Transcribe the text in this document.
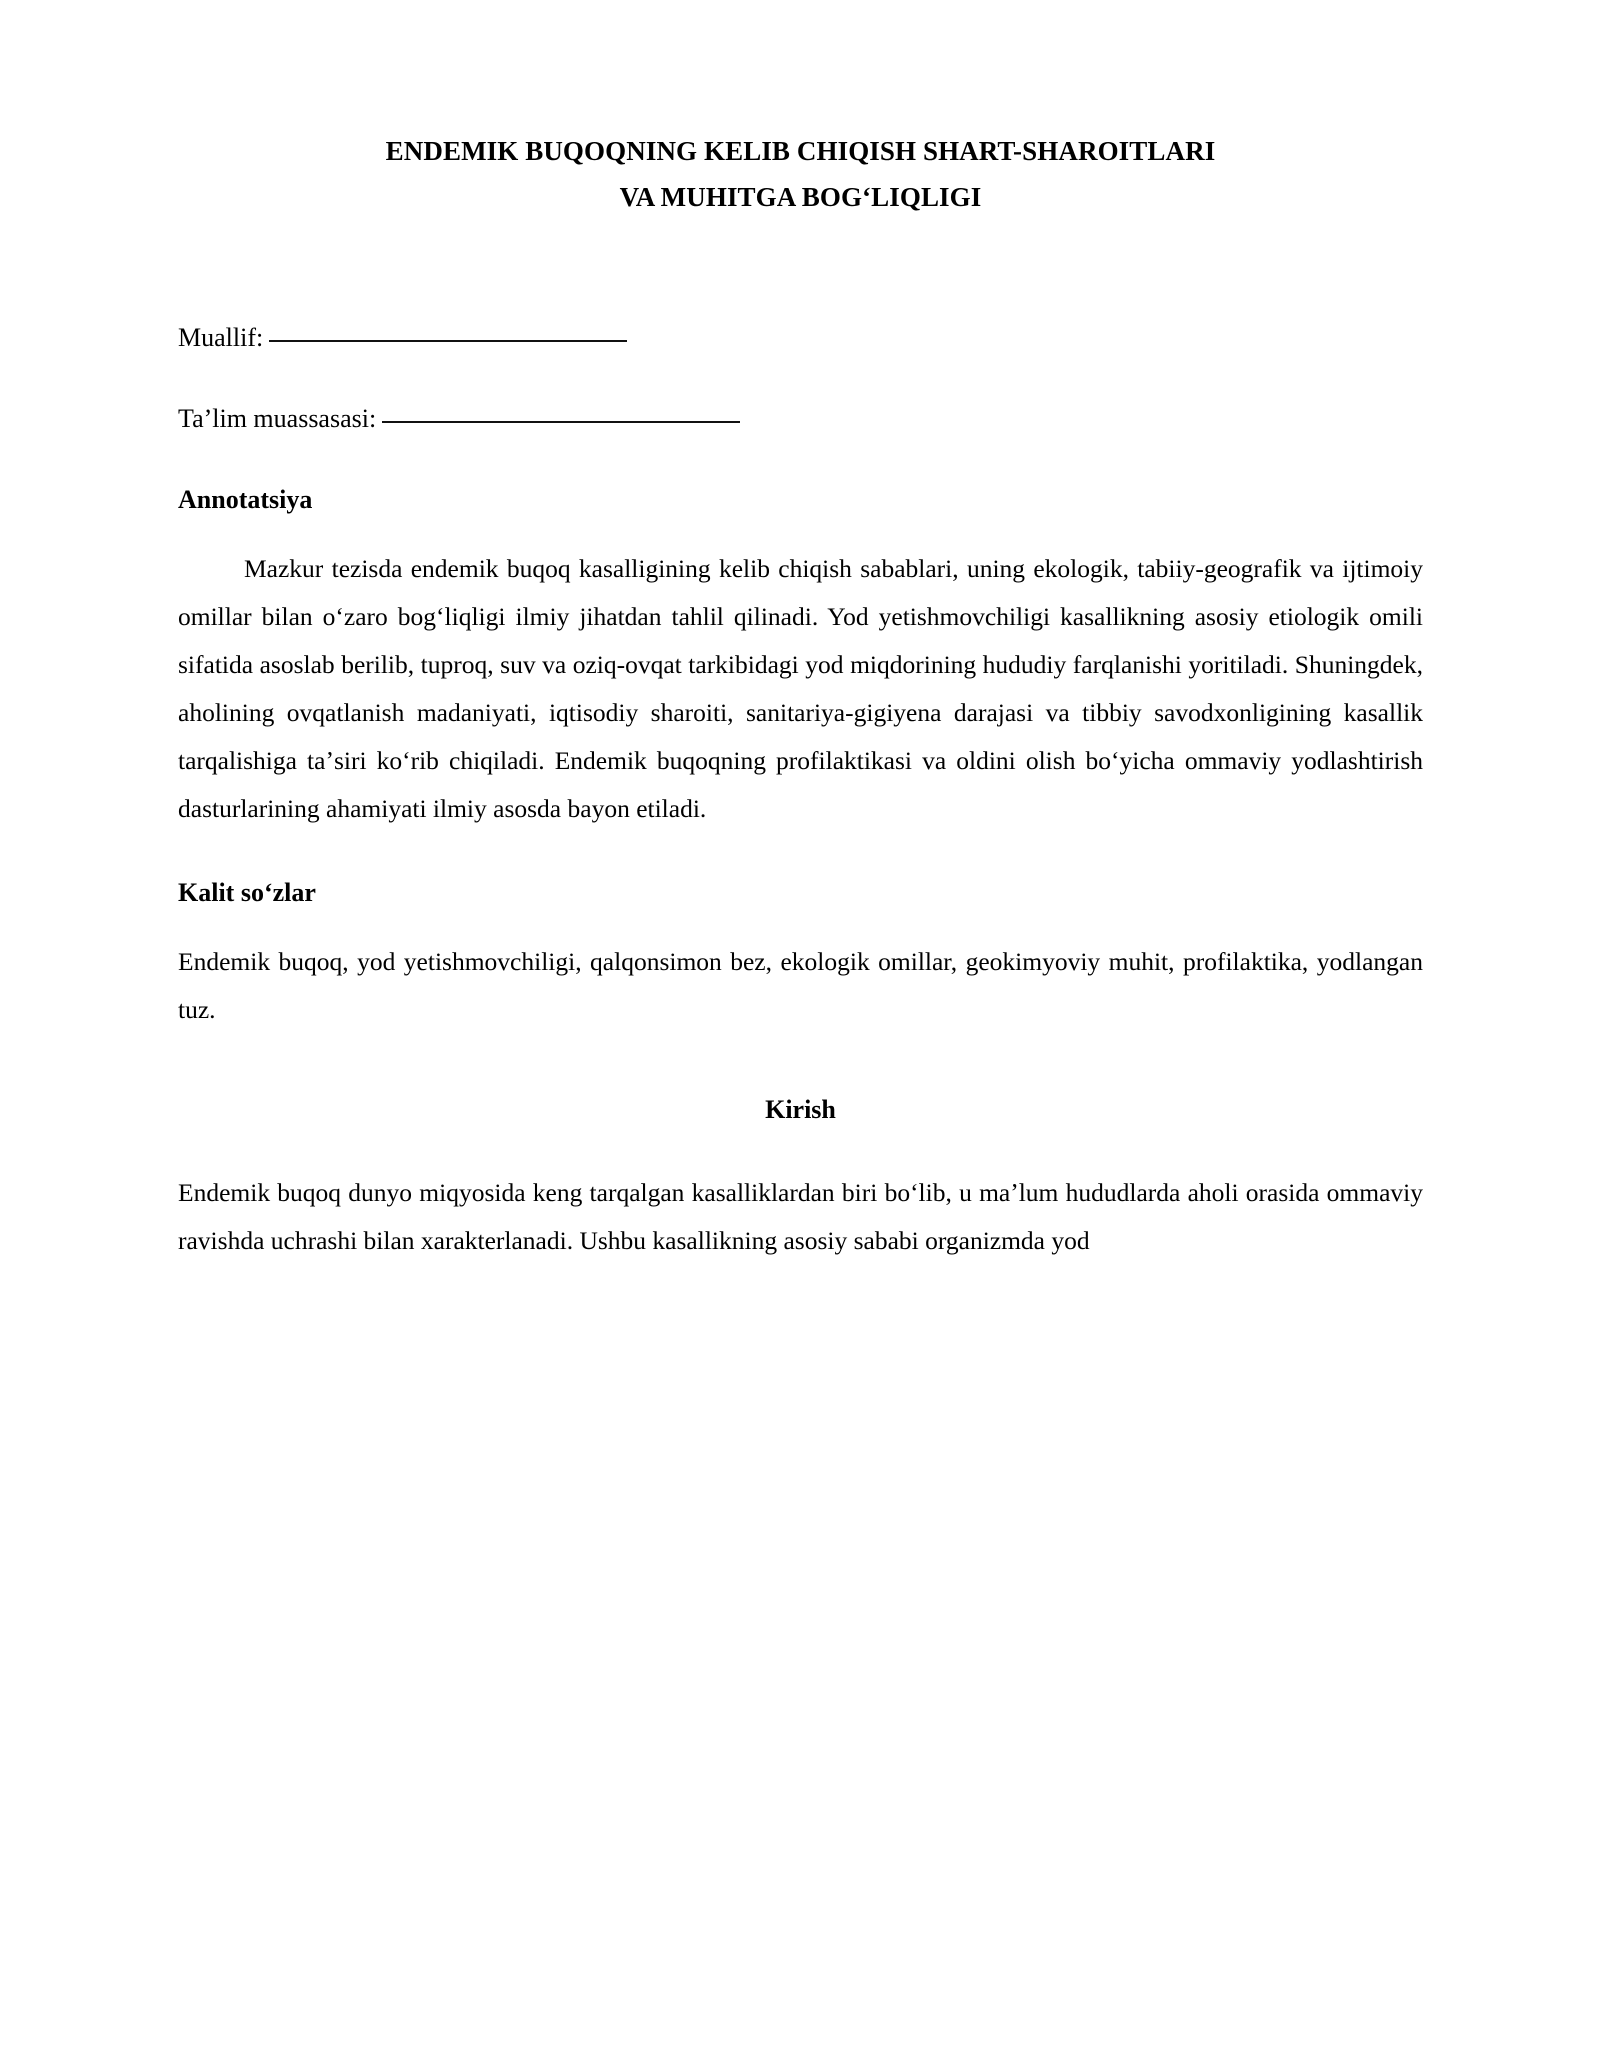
ENDEMIK BUQOQNING KELIB CHIQISH SHART-SHAROITLARI
VA MUHITGA BOGʻLIQLIGI
Muallif:
Taʼlim muassasasi:
Annotatsiya

Mazkur tezisda endemik buqoq kasalligining kelib chiqish sabablari, uning ekologik, tabiiy-geografik va ijtimoiy omillar bilan oʻzaro bogʻliqligi ilmiy jihatdan tahlil qilinadi. Yod yetishmovchiligi kasallikning asosiy etiologik omili sifatida asoslab berilib, tuproq, suv va oziq-ovqat tarkibidagi yod miqdorining hududiy farqlanishi yoritiladi. Shuningdek, aholining ovqatlanish madaniyati, iqtisodiy sharoiti, sanitariya-gigiyena darajasi va tibbiy savodxonligining kasallik tarqalishiga taʼsiri koʻrib chiqiladi. Endemik buqoqning profilaktikasi va oldini olish boʻyicha ommaviy yodlashtirish dasturlarining ahamiyati ilmiy asosda bayon etiladi.

Kalit soʻzlar

Endemik buqoq, yod yetishmovchiligi, qalqonsimon bez, ekologik omillar, geokimyoviy muhit, profilaktika, yodlangan tuz.

Kirish

Endemik buqoq dunyo miqyosida keng tarqalgan kasalliklardan biri boʻlib, u maʼlum hududlarda aholi orasida ommaviy ravishda uchrashi bilan xarakterlanadi. Ushbu kasallikning asosiy sababi organizmda yod
